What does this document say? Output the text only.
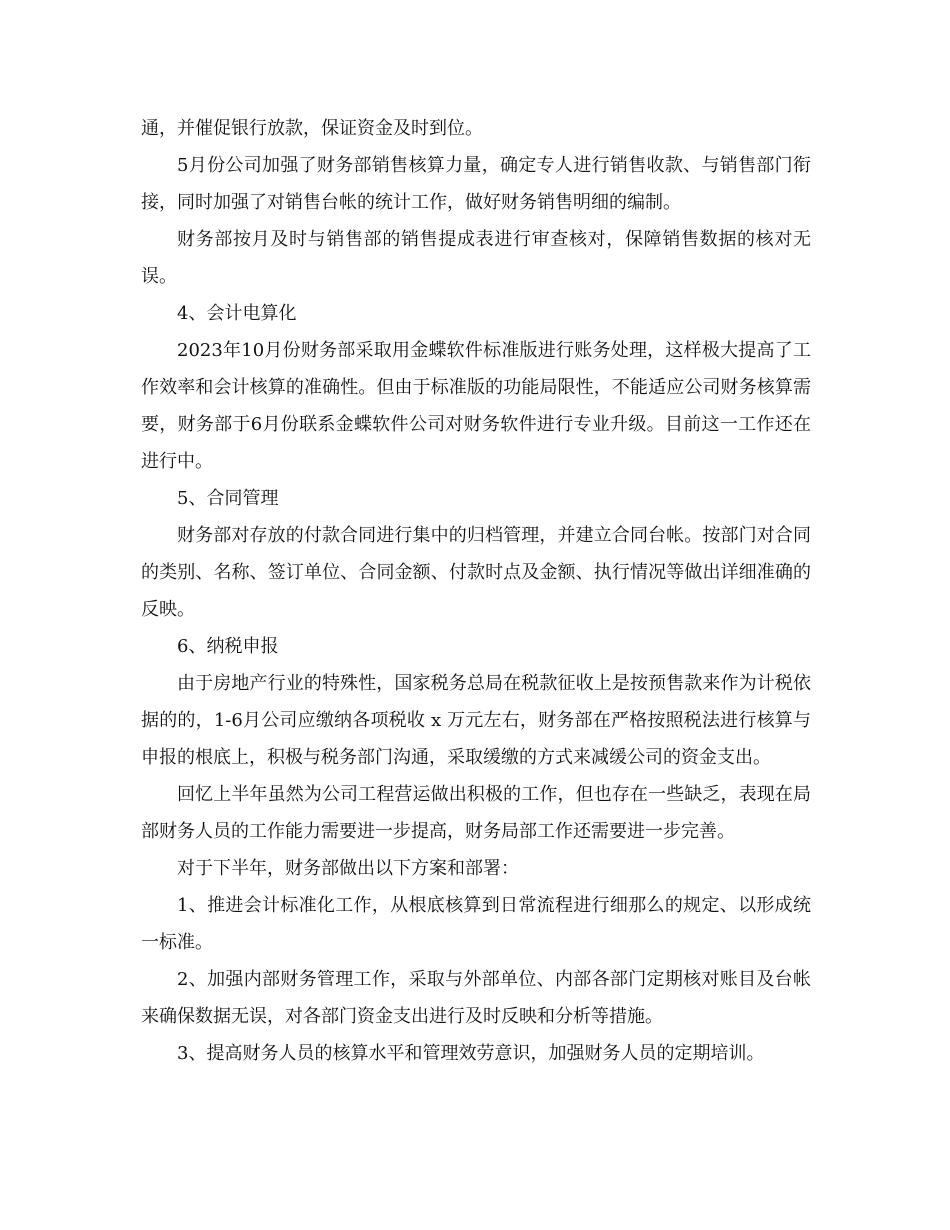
通，并催促银行放款，保证资金及时到位。

5月份公司加强了财务部销售核算力量，确定专人进行销售收款、与销售部门衔接，同时加强了对销售台帐的统计工作，做好财务销售明细的编制。

财务部按月及时与销售部的销售提成表进行审查核对，保障销售数据的核对无误。

4、会计电算化

2023年10月份财务部采取用金蝶软件标准版进行账务处理，这样极大提高了工作效率和会计核算的准确性。但由于标准版的功能局限性，不能适应公司财务核算需要，财务部于6月份联系金蝶软件公司对财务软件进行专业升级。目前这一工作还在进行中。

5、合同管理

财务部对存放的付款合同进行集中的归档管理，并建立合同台帐。按部门对合同的类别、名称、签订单位、合同金额、付款时点及金额、执行情况等做出详细准确的反映。

6、纳税申报

由于房地产行业的特殊性，国家税务总局在税款征收上是按预售款来作为计税依据的的，1-6月公司应缴纳各项税收 x 万元左右，财务部在严格按照税法进行核算与申报的根底上，积极与税务部门沟通，采取缓缴的方式来减缓公司的资金支出。

回忆上半年虽然为公司工程营运做出积极的工作，但也存在一些缺乏，表现在局部财务人员的工作能力需要进一步提高，财务局部工作还需要进一步完善。

对于下半年，财务部做出以下方案和部署：

1、推进会计标准化工作，从根底核算到日常流程进行细那么的规定、以形成统一标准。

2、加强内部财务管理工作，采取与外部单位、内部各部门定期核对账目及台帐来确保数据无误，对各部门资金支出进行及时反映和分析等措施。

3、提高财务人员的核算水平和管理效劳意识，加强财务人员的定期培训。
